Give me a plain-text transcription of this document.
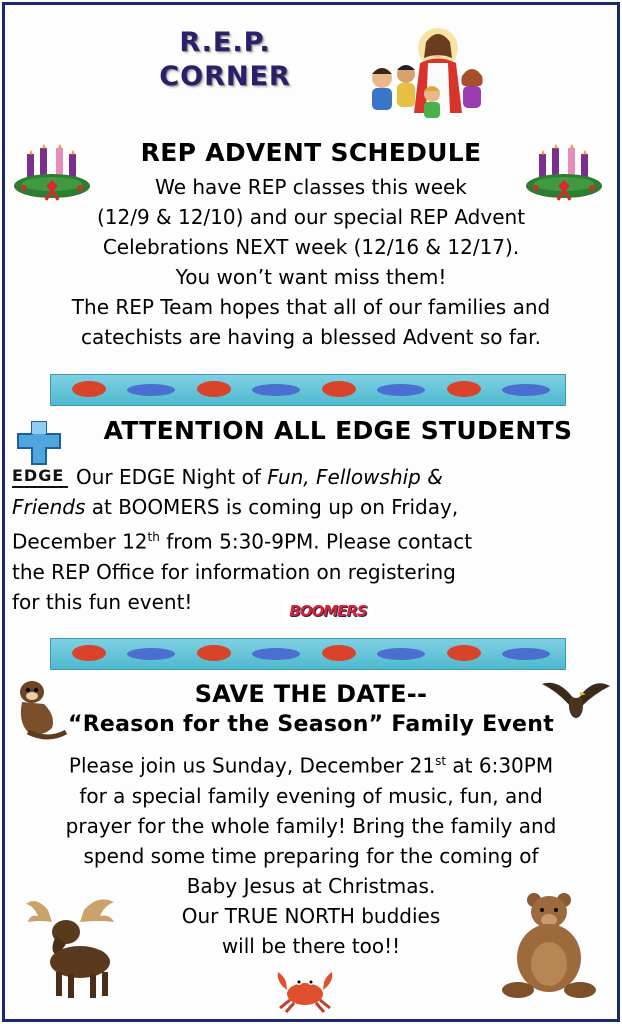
R.E.P.
CORNER
REP ADVENT SCHEDULE
We have REP classes this week
(12/9 & 12/10) and our special REP Advent
Celebrations NEXT week (12/16 & 12/17).
You won’t want miss them!
The REP Team hopes that all of our families and
catechists are having a blessed Advent so far.
ATTENTION ALL EDGE STUDENTS
EDGE Our EDGE Night of Fun, Fellowship &
Friends at BOOMERS is coming up on Friday,
December 12th from 5:30-9PM. Please contact
the REP Office for information on registering
for this fun event!	BOOMERS
SAVE THE DATE--
“Reason for the Season” Family Event
Please join us Sunday, December 21st at 6:30PM
for a special family evening of music, fun, and
prayer for the whole family! Bring the family and
spend some time preparing for the coming of
Baby Jesus at Christmas.
Our TRUE NORTH buddies
will be there too!!
